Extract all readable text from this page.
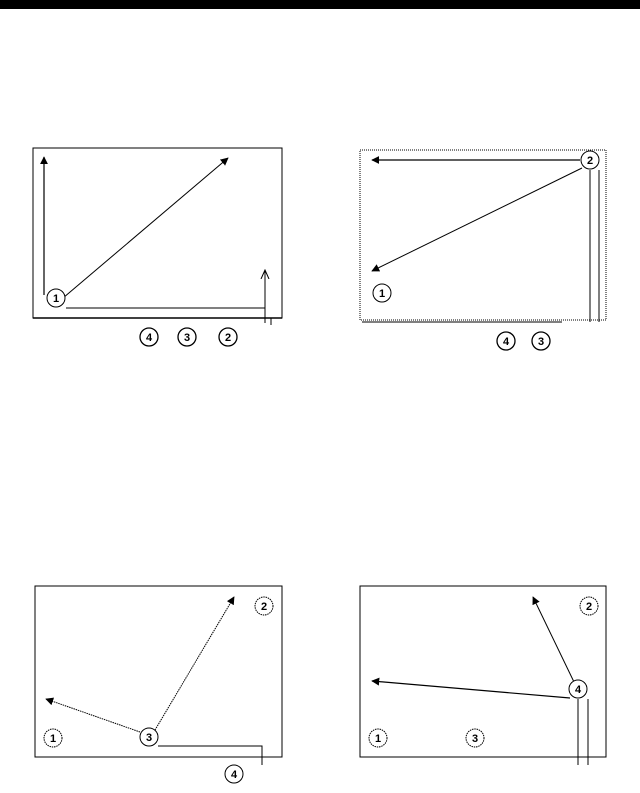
1
4	3	2
2
1
4	3
2
1	3
4
2
4
1	3
